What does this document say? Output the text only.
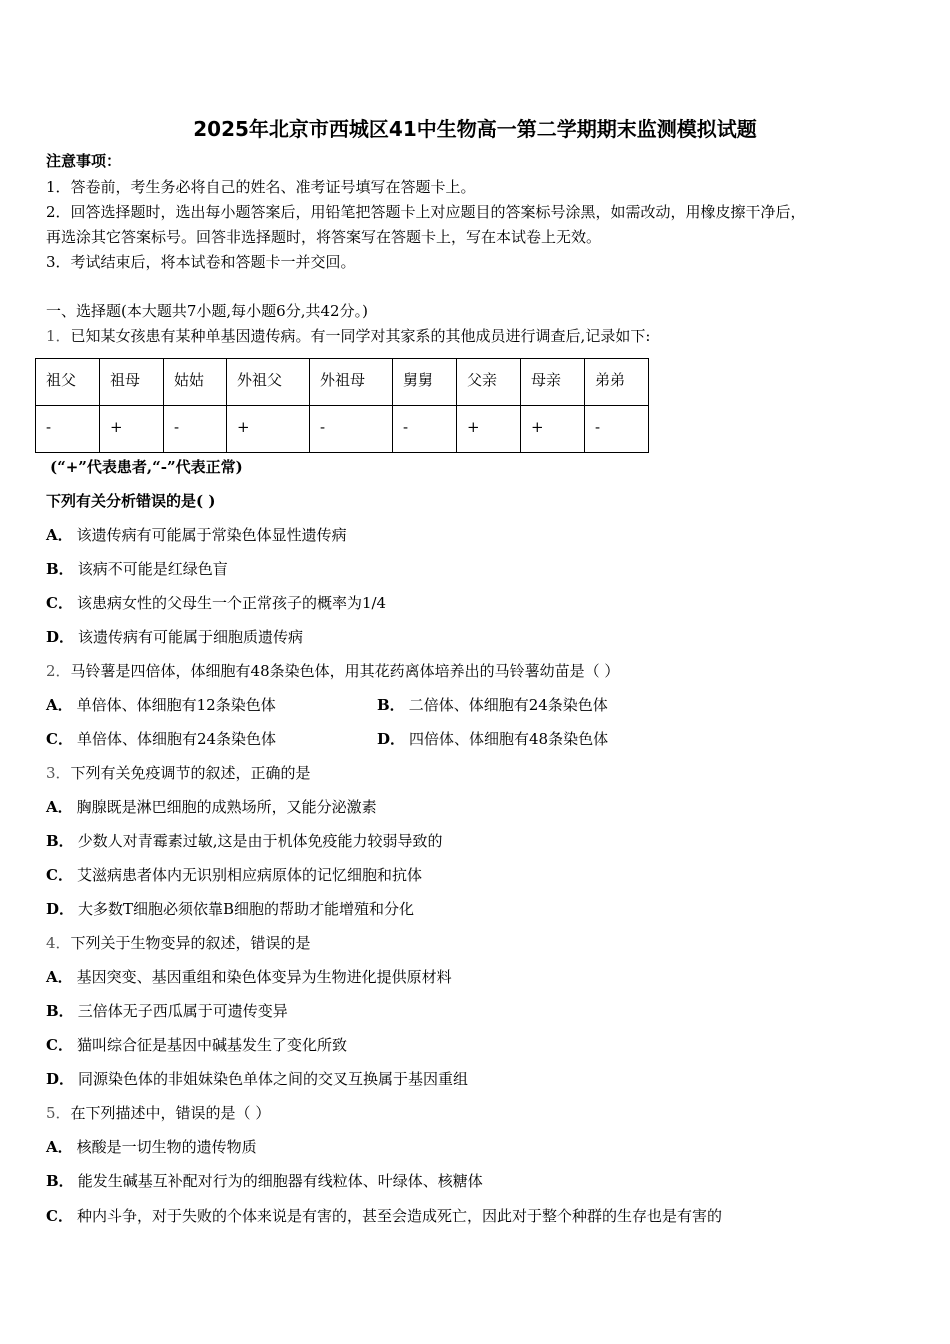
2025年北京市西城区41中生物高一第二学期期末监测模拟试题
注意事项：
1．答卷前，考生务必将自己的姓名、准考证号填写在答题卡上。
2．回答选择题时，选出每小题答案后，用铅笔把答题卡上对应题目的答案标号涂黑，如需改动，用橡皮擦干净后，
再选涂其它答案标号。回答非选择题时，将答案写在答题卡上，写在本试卷上无效。
3．考试结束后，将本试卷和答题卡一并交回。
一、选择题(本大题共7小题,每小题6分,共42分。)
1．已知某女孩患有某种单基因遗传病。有一同学对其家系的其他成员进行调查后,记录如下:
祖父	祖母	姑姑	外祖父	外祖母	舅舅	父亲	母亲	弟弟
-	+	-	+	-	-	+	+	-
(“+”代表患者,“-”代表正常)
下列有关分析错误的是( )
A． 该遗传病有可能属于常染色体显性遗传病
B． 该病不可能是红绿色盲
C． 该患病女性的父母生一个正常孩子的概率为1/4
D． 该遗传病有可能属于细胞质遗传病
2．马铃薯是四倍体，体细胞有48条染色体，用其花药离体培养出的马铃薯幼苗是（ ）
A． 单倍体、体细胞有12条染色体	B． 二倍体、体细胞有24条染色体
C． 单倍体、体细胞有24条染色体	D． 四倍体、体细胞有48条染色体
3．下列有关免疫调节的叙述，正确的是
A． 胸腺既是淋巴细胞的成熟场所，又能分泌激素
B． 少数人对青霉素过敏,这是由于机体免疫能力较弱导致的
C． 艾滋病患者体内无识别相应病原体的记忆细胞和抗体
D． 大多数T细胞必须依靠B细胞的帮助才能增殖和分化
4．下列关于生物变异的叙述，错误的是
A． 基因突变、基因重组和染色体变异为生物进化提供原材料
B． 三倍体无子西瓜属于可遗传变异
C． 猫叫综合征是基因中碱基发生了变化所致
D． 同源染色体的非姐妹染色单体之间的交叉互换属于基因重组
5．在下列描述中，错误的是（ ）
A． 核酸是一切生物的遗传物质
B． 能发生碱基互补配对行为的细胞器有线粒体、叶绿体、核糖体
C． 种内斗争，对于失败的个体来说是有害的，甚至会造成死亡，因此对于整个种群的生存也是有害的
